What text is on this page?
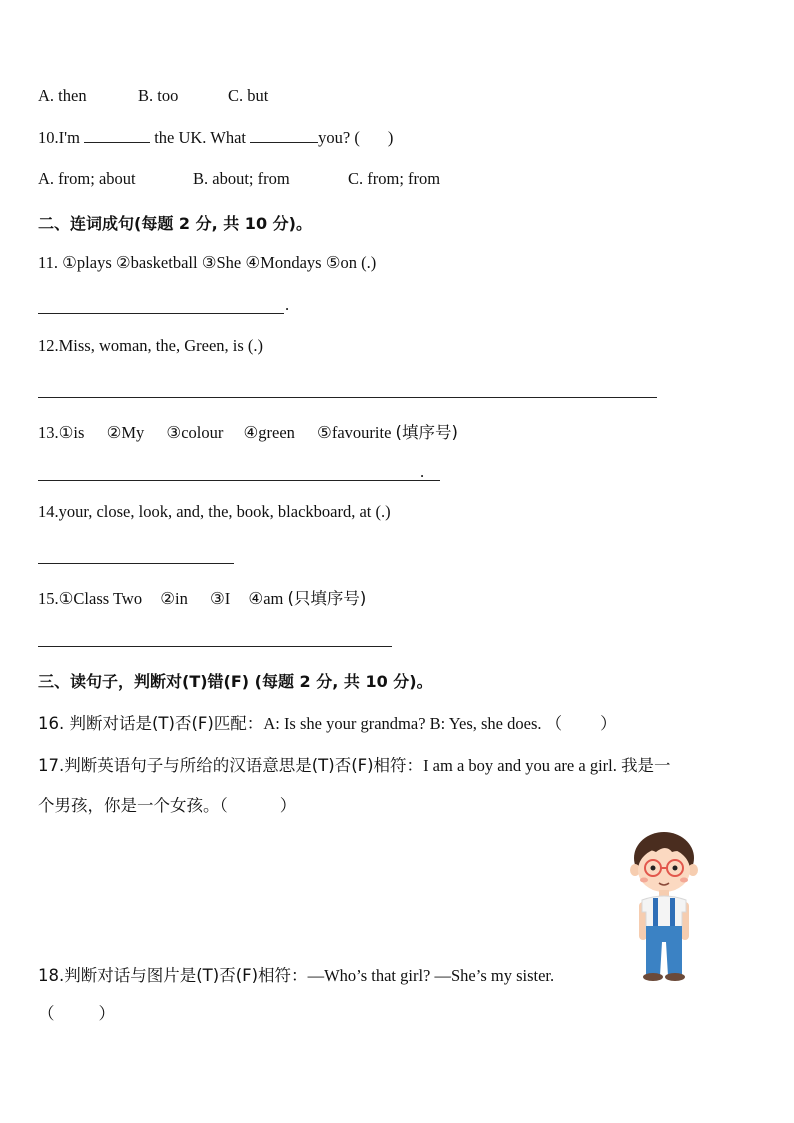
A. then	B. too	C. but
10.I'm	the UK. What	you? ( )
A. from; about	B. about; from	C. from; from
二、连词成句(每题 2 分, 共 10 分)。
11. ①plays ②basketball ③She ④Mondays ⑤on (.)
.
12.Miss, woman, the, Green, is (.)
13.①is ②My ③colour ④green ⑤favourite (填序号)
.
14.your, close, look, and, the, book, blackboard, at (.)
15.①Class Two ②in ③I ④am (只填序号)
三、读句子，判断对(T)错(F) (每题 2 分, 共 10 分)。
16. 判断对话是(T)否(F)匹配：A: Is she your grandma? B: Yes, she does. （ ）
17.判断英语句子与所给的汉语意思是(T)否(F)相符：I am a boy and you are a girl. 我是一
个男孩，你是一个女孩。（	）
18.判断对话与图片是(T)否(F)相符：—Who’s that girl? —She’s my sister.
（	）
